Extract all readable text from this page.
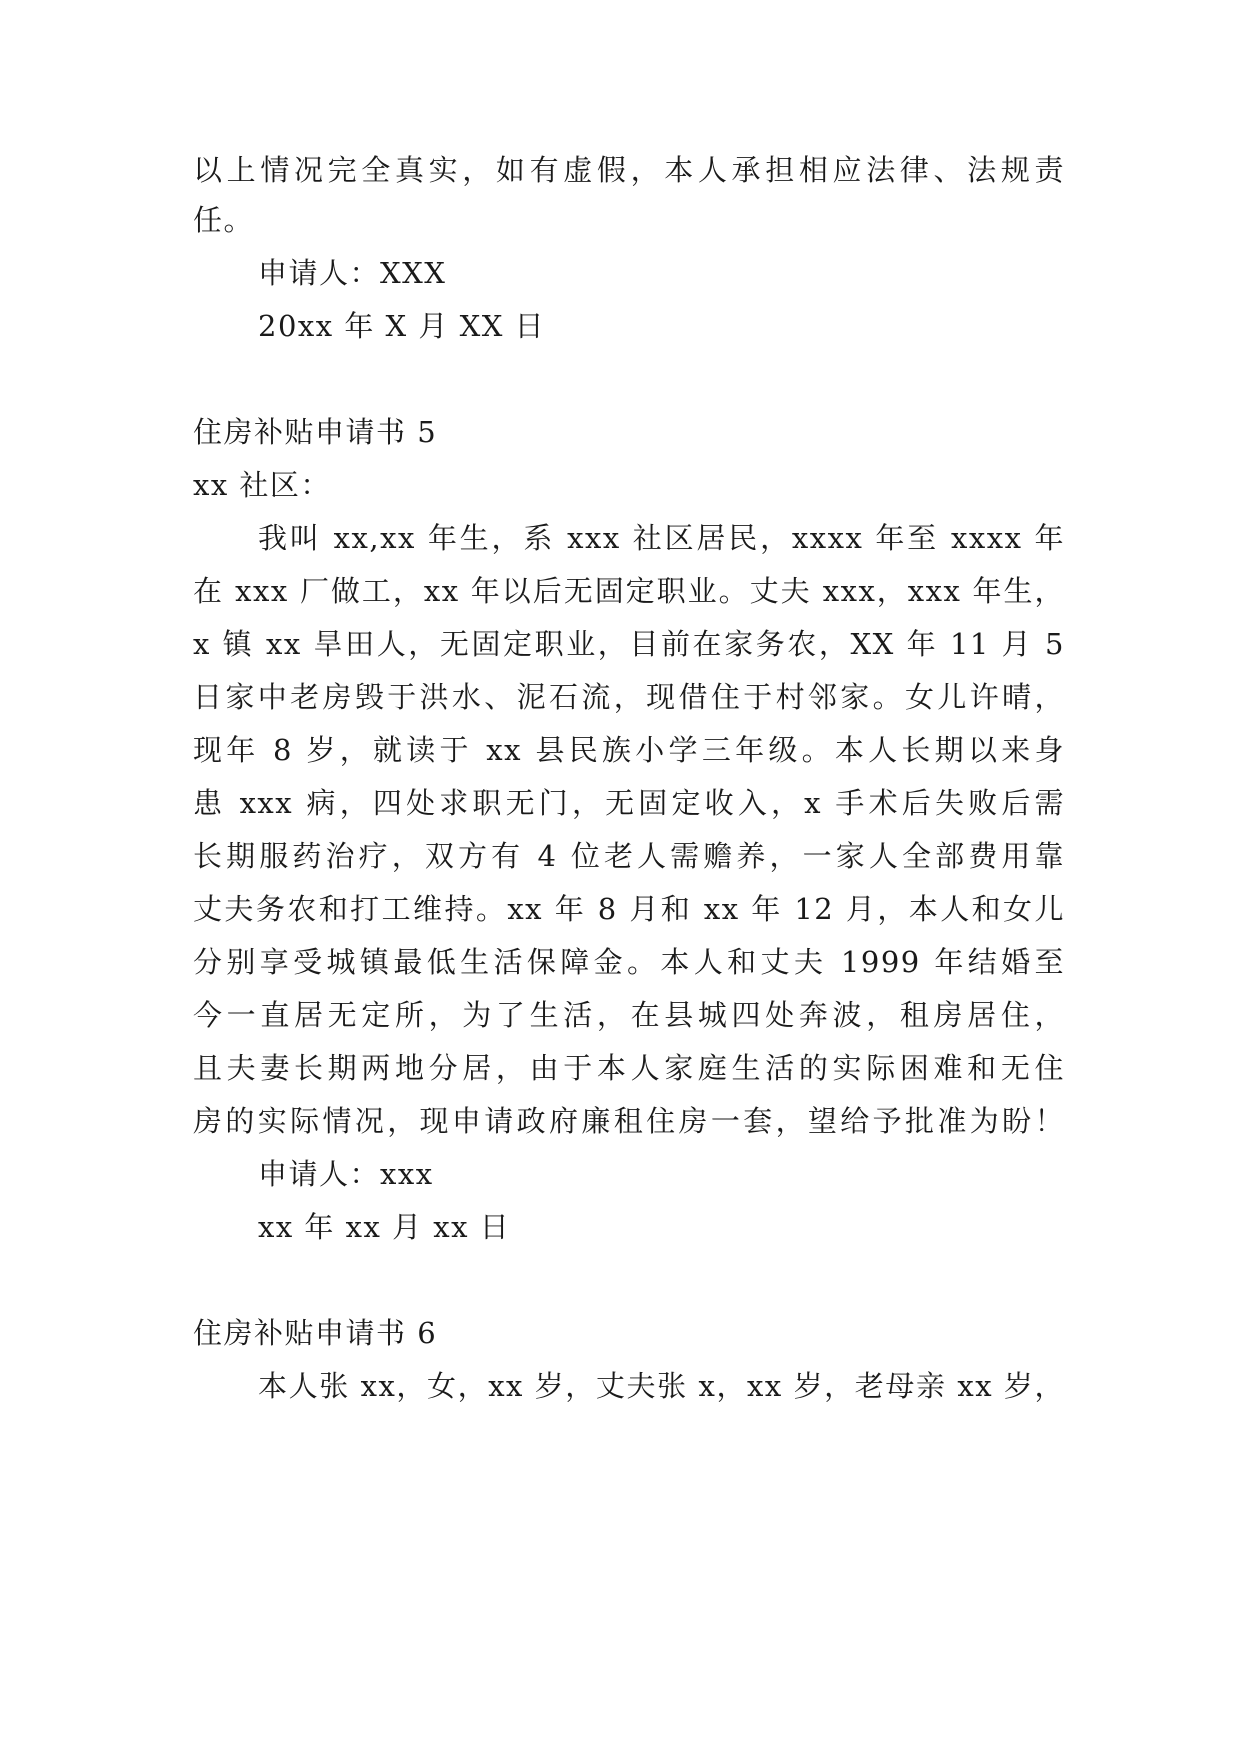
以上情况完全真实，如有虚假，本人承担相应法律、法规责
任。
申请人：XXX
20xx 年 X 月 XX 日
住房补贴申请书 5
xx 社区：
我叫 xx,xx 年生，系 xxx 社区居民，xxxx 年至 xxxx 年
在 xxx 厂做工，xx 年以后无固定职业。丈夫 xxx，xxx 年生，
x 镇 xx 旱田人，无固定职业，目前在家务农，XX 年 11 月 5
日家中老房毁于洪水、泥石流，现借住于村邻家。女儿许晴，
现年 8 岁，就读于 xx 县民族小学三年级。本人长期以来身
患 xxx 病，四处求职无门，无固定收入，x 手术后失败后需
长期服药治疗，双方有 4 位老人需赡养，一家人全部费用靠
丈夫务农和打工维持。xx 年 8 月和 xx 年 12 月，本人和女儿
分别享受城镇最低生活保障金。本人和丈夫 1999 年结婚至
今一直居无定所，为了生活，在县城四处奔波，租房居住，
且夫妻长期两地分居，由于本人家庭生活的实际困难和无住
房的实际情况，现申请政府廉租住房一套，望给予批准为盼！
申请人：xxx
xx 年 xx 月 xx 日
住房补贴申请书 6
本人张 xx，女，xx 岁，丈夫张 x，xx 岁，老母亲 xx 岁，
